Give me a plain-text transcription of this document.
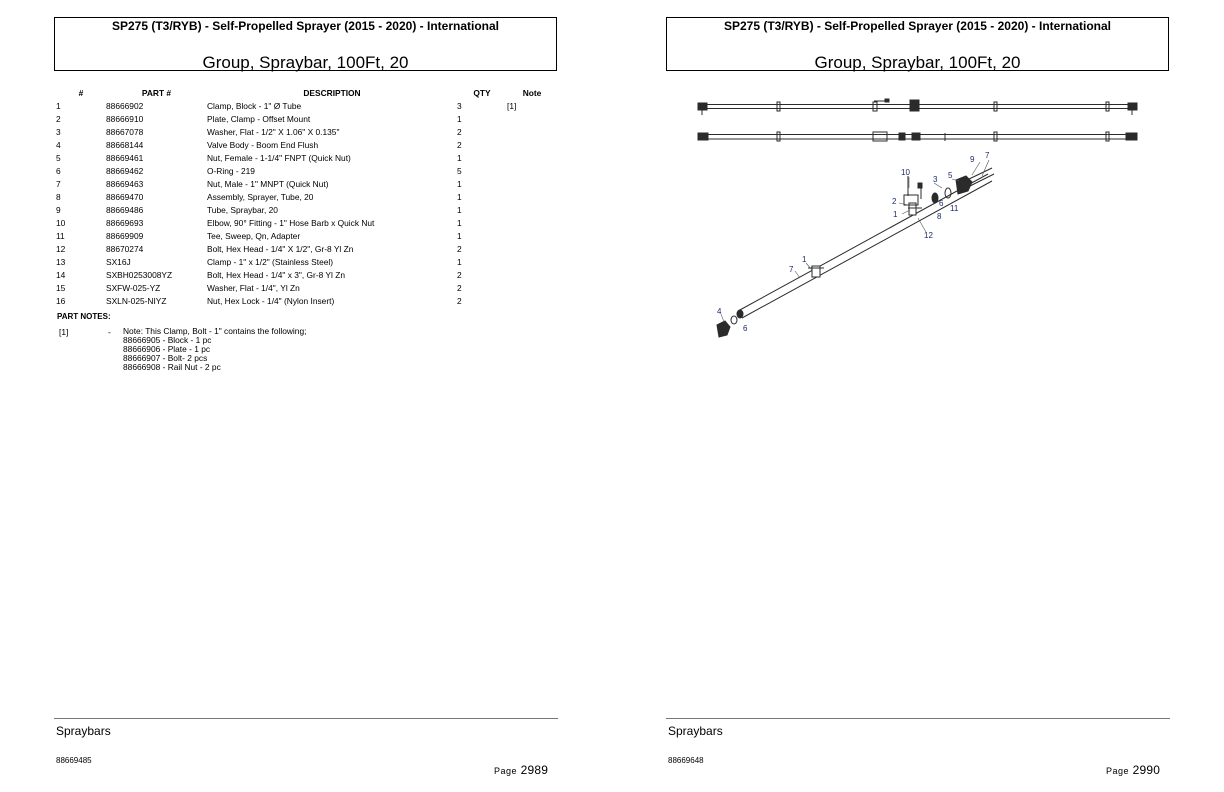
SP275 (T3/RYB) - Self-Propelled Sprayer (2015 - 2020) - International
Group, Spraybar, 100Ft, 20
#	PART #	DESCRIPTION	QTY	Note
1	88666902	Clamp, Block - 1" Ø Tube	3	[1]
2	88666910	Plate, Clamp - Offset Mount	1	
3	88667078	Washer, Flat - 1/2" X 1.06" X 0.135"	2	
4	88668144	Valve Body - Boom End Flush	2	
5	88669461	Nut, Female - 1-1/4" FNPT (Quick Nut)	1	
6	88669462	O-Ring - 219	5	
7	88669463	Nut, Male - 1" MNPT (Quick Nut)	1	
8	88669470	Assembly, Sprayer, Tube, 20	1	
9	88669486	Tube, Spraybar, 20	1	
10	88669693	Elbow, 90° Fitting - 1" Hose Barb x Quick Nut	1	
11	88669909	Tee, Sweep, Qn, Adapter	1	
12	88670274	Bolt, Hex Head - 1/4" X 1/2", Gr-8 Yl Zn	2	
13	SX16J	Clamp - 1" x 1/2" (Stainless Steel)	1	
14	SXBH0253008YZ	Bolt, Hex Head - 1/4" x 3", Gr-8 Yl Zn	2	
15	SXFW-025-YZ	Washer, Flat - 1/4", Yl Zn	2	
16	SXLN-025-NIYZ	Nut, Hex Lock - 1/4" (Nylon Insert)	2	
PART NOTES:
[1]	- Note: This Clamp, Bolt - 1" contains the following;
88666905 - Block - 1 pc
88666906 - Plate - 1 pc
88666907 - Bolt- 2 pcs
88666908 - Rail Nut - 2 pc
Spraybars
88669485
Page 2989
SP275 (T3/RYB) - Self-Propelled Sprayer (2015 - 2020) - International
Group, Spraybar, 100Ft, 20
9 7
10
3 5
6
2
11
1	8
12
1
7
4
6
Spraybars
88669648
Page 2990
